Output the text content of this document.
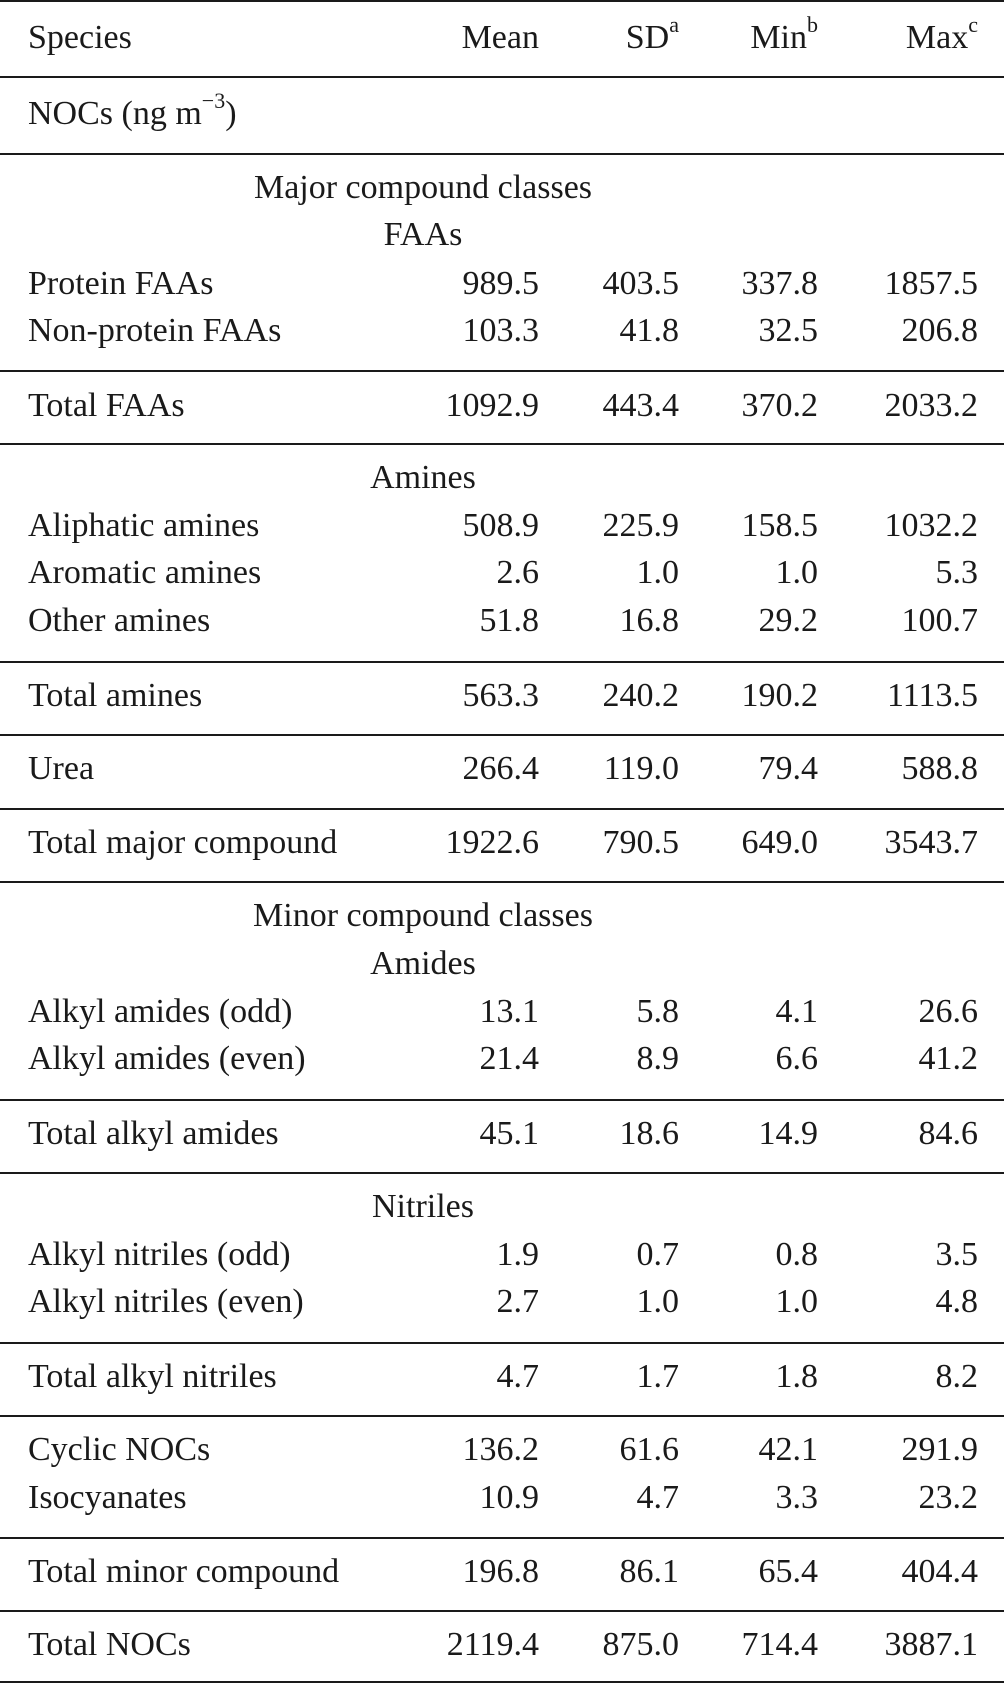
Species	Mean	$SD^a$ Min$^b$	Max$^c$
NOCs (ng $m^{-3}$)
Major compound classes
FAAs
Protein FAAs	989.5 403.5 337.8 1857.5
Non-protein FAAs	103.3 41.8 32.5 206.8
Total FAAs	1092.9 443.4 370.2 2033.2
Amines
Aliphatic amines	508.9 225.9 158.5 1032.2
Aromatic amines	2.6	1.0	1.0	5.3
Other amines	51.8 16.8 29.2 100.7
Total amines	563.3 240.2 190.2 1113.5
Urea	266.4 119.0 79.4 588.8
Total major compound	1922.6 790.5 649.0 3543.7
Minor compound classes
Amides
Alkyl amides (odd)	13.1	5.8	4.1	26.6
Alkyl amides (even)	21.4	8.9	6.6	41.2
Total alkyl amides	45.1 18.6 14.9	84.6
Nitriles
Alkyl nitriles (odd)	1.9	0.7	0.8	3.5
Alkyl nitriles (even)	2.7	1.0	1.0	4.8
Total alkyl nitriles	4.7	1.7	1.8	8.2
Cyclic NOCs	136.2 61.6 42.1 291.9
Isocyanates	10.9	4.7	3.3	23.2
Total minor compound	196.8 86.1 65.4 404.4
Total NOCs	2119.4 875.0 714.4 3887.1
